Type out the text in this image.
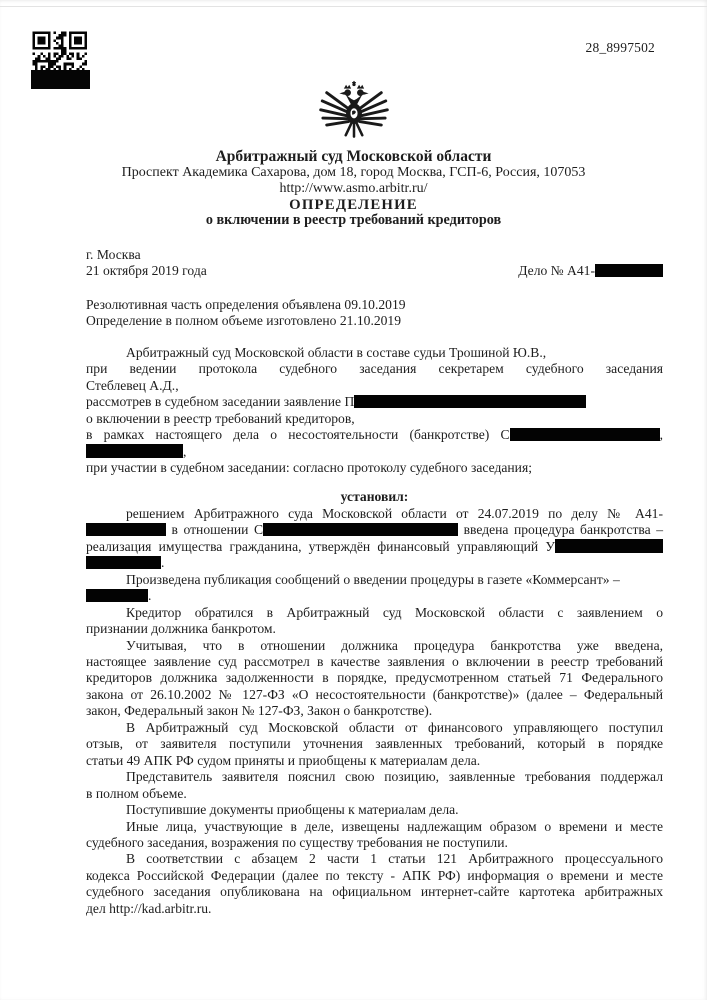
28_8997502
Арбитражный суд Московской области
Проспект Академика Сахарова, дом 18, город Москва, ГСП-6, Россия, 107053
http://www.asmo.arbitr.ru/
ОПРЕДЕЛЕНИЕ
о включении в реестр требований кредиторов
г. Москва
21 октября 2019 года	Дело № А41-
Резолютивная часть определения объявлена 09.10.2019
Определение в полном объеме изготовлено 21.10.2019
Арбитражный суд Московской области в составе судьи Трошиной Ю.В.,
при ведении протокола судебного заседания секретарем судебного заседания
Стеблевец А.Д.,
рассмотрев в судебном заседании заявление П
о включении в реестр требований кредиторов,
в рамках настоящего дела о несостоятельности (банкротстве) С	,
,
при участии в судебном заседании: согласно протоколу судебного заседания;
установил:
решением Арбитражного суда Московской области от 24.07.2019 по делу № А41-
в отношении С	введена процедура банкротства –
реализация имущества гражданина, утверждён финансовый управляющий У
.
Произведена публикация сообщений о введении процедуры в газете «Коммерсант» –
.
Кредитор обратился в Арбитражный суд Московской области с заявлением о
признании должника банкротом.
Учитывая, что в отношении должника процедура банкротства уже введена,
настоящее заявление суд рассмотрел в качестве заявления о включении в реестр требований
кредиторов должника задолженности в порядке, предусмотренном статьей 71 Федерального
закона от 26.10.2002 № 127-ФЗ «О несостоятельности (банкротстве)» (далее – Федеральный
закон, Федеральный закон № 127-ФЗ, Закон о банкротстве).
В Арбитражный суд Московской области от финансового управляющего поступил
отзыв, от заявителя поступили уточнения заявленных требований, который в порядке
статьи 49 АПК РФ судом приняты и приобщены к материалам дела.
Представитель заявителя пояснил свою позицию, заявленные требования поддержал
в полном объеме.
Поступившие документы приобщены к материалам дела.
Иные лица, участвующие в деле, извещены надлежащим образом о времени и месте
судебного заседания, возражения по существу требования не поступили.
В соответствии с абзацем 2 части 1 статьи 121 Арбитражного процессуального
кодекса Российской Федерации (далее по тексту - АПК РФ) информация о времени и месте
судебного заседания опубликована на официальном интернет-сайте картотека арбитражных
дел http://kad.arbitr.ru.
